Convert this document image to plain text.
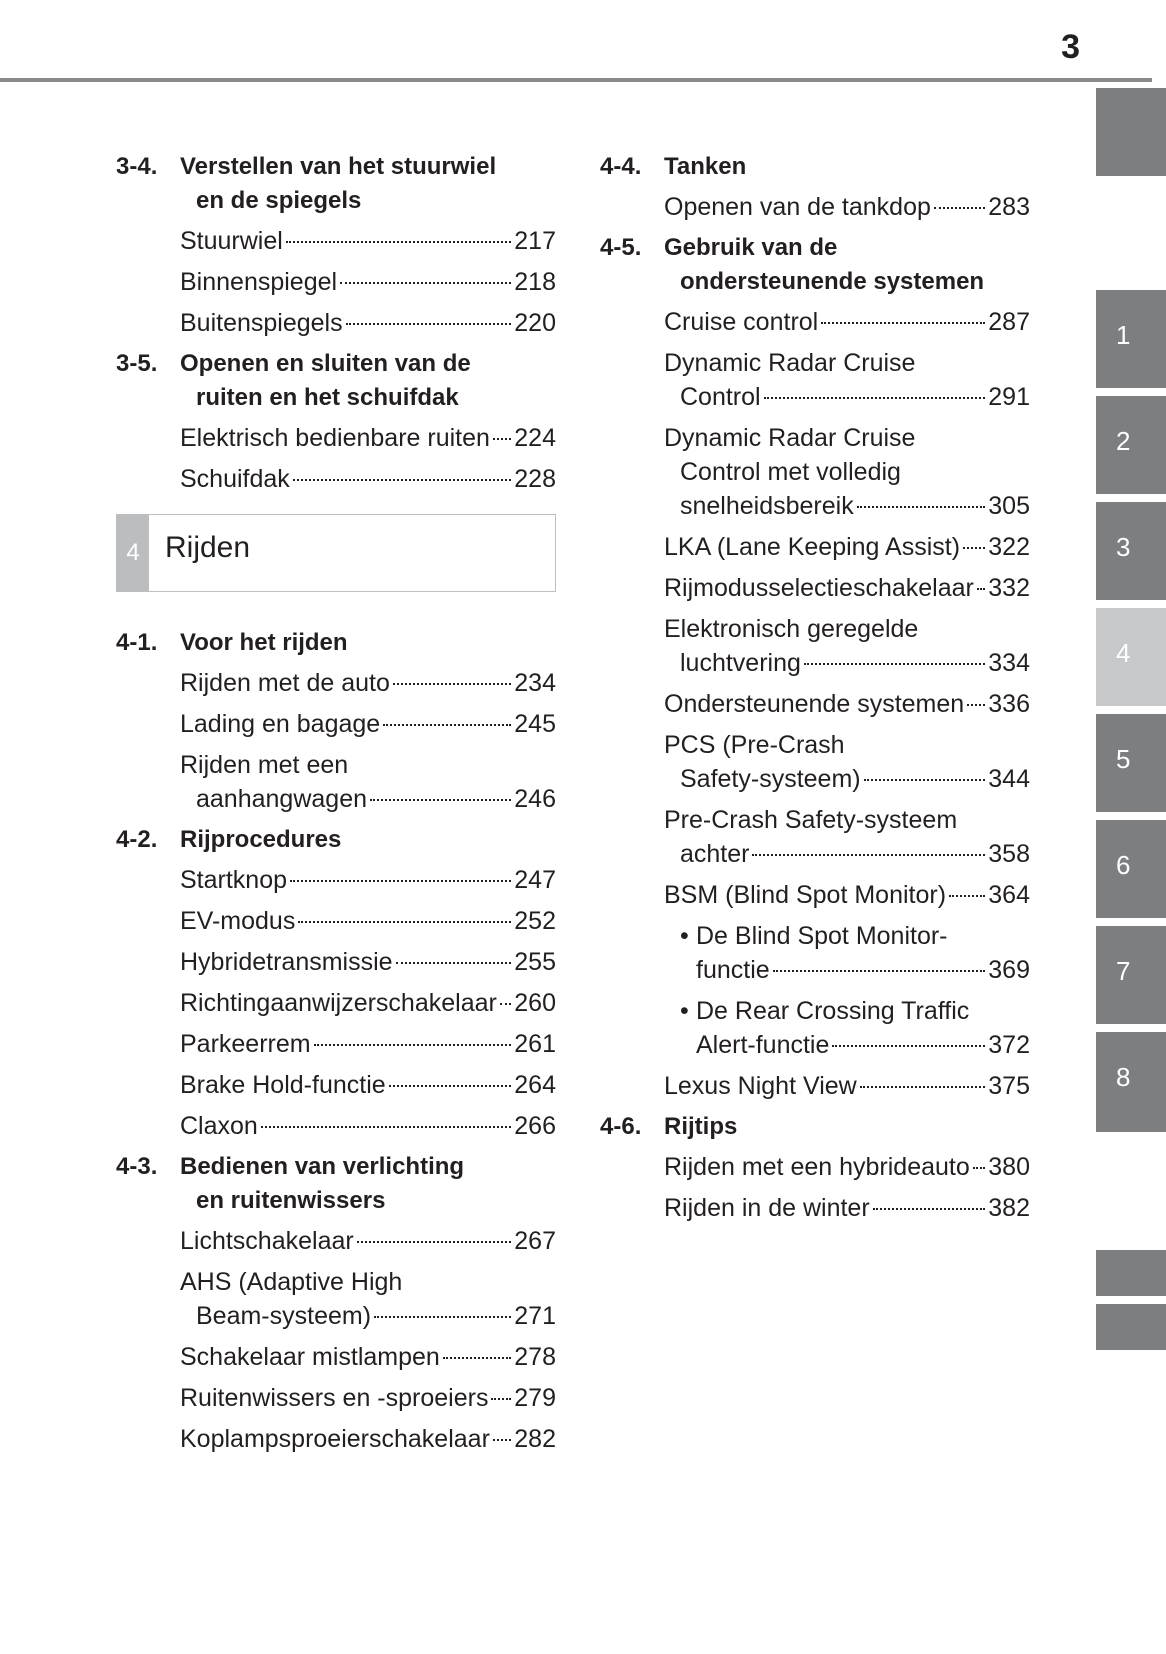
3
1
2
3
4
5
6
7
8
3-4. Verstellen van het stuurwiel
en de spiegels
Stuurwiel	217
Binnenspiegel	218
Buitenspiegels	220
3-5. Openen en sluiten van de
ruiten en het schuifdak
Elektrisch bedienbare ruiten 224
Schuifdak	228
4 Rijden
4-1. Voor het rijden
Rijden met de auto	234
Lading en bagage	245
Rijden met een
aanhangwagen	246
4-2. Rijprocedures
Startknop	247
EV-modus	252
Hybridetransmissie	255
Richtingaanwijzerschakelaar 260
Parkeerrem	261
Brake Hold-functie	264
Claxon	266
4-3. Bedienen van verlichting
en ruitenwissers
Lichtschakelaar	267
AHS (Adaptive High
Beam-systeem)	271
Schakelaar mistlampen	278
Ruitenwissers en -sproeiers 279
Koplampsproeierschakelaar 282
4-4. Tanken
Openen van de tankdop 283
4-5. Gebruik van de
ondersteunende systemen
Cruise control	287
Dynamic Radar Cruise
Control	291
Dynamic Radar Cruise
Control met volledig
snelheidsbereik	305
LKA (Lane Keeping Assist) 322
Rijmodusselectieschakelaar 332
Elektronisch geregelde
luchtvering	334
Ondersteunende systemen 336
PCS (Pre-Crash
Safety-systeem)	344
Pre-Crash Safety-systeem
achter	358
BSM (Blind Spot Monitor) 364
• De Blind Spot Monitor-
functie	369
• De Rear Crossing Traffic
Alert-functie	372
Lexus Night View	375
4-6. Rijtips
Rijden met een hybrideauto 380
Rijden in de winter	382
